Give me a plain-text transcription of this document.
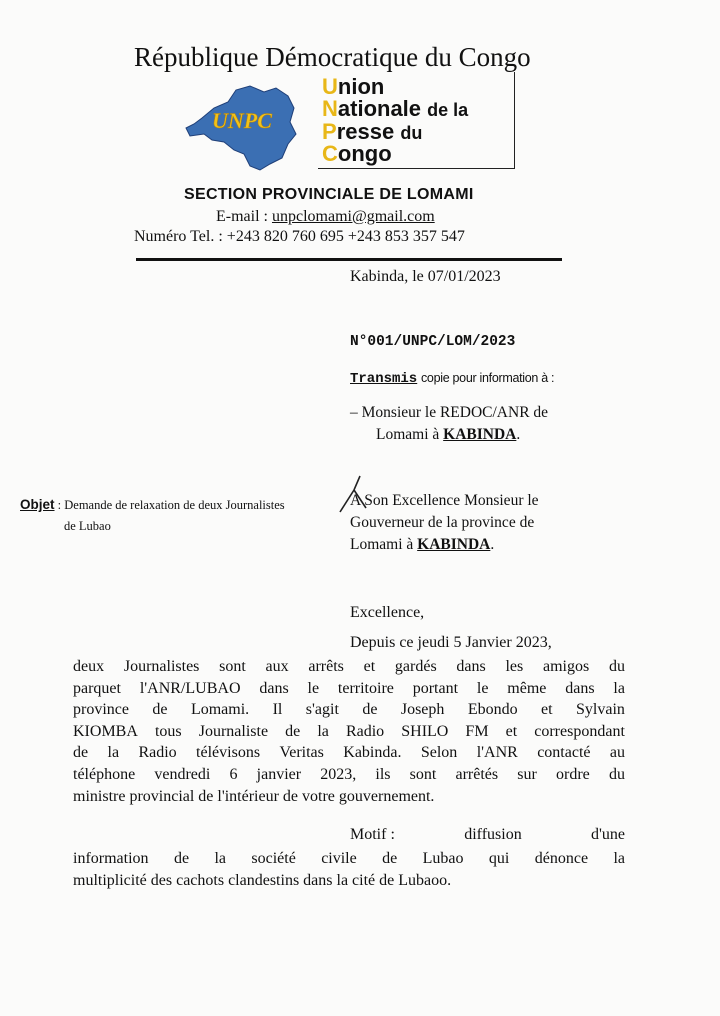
République Démocratique du Congo
UNPC
Union
Nationale de la
Presse du
Congo
SECTION PROVINCIALE DE LOMAMI
E-mail : unpclomami@gmail.com
Numéro Tel. : +243 820 760 695 +243 853 357 547
Kabinda, le 07/01/2023
N°001/UNPC/LOM/2023
Transmis copie pour information à :
– Monsieur le REDOC/ANR de
Lomami à KABINDA.
Objet : Demande de relaxation de deux Journalistes
de Lubao
A Son Excellence Monsieur le
Gouverneur de la province de
Lomami à KABINDA.
Excellence,
Depuis ce jeudi 5 Janvier 2023,
deux Journalistes sont aux arrêts et gardés dans les amigos du
parquet l'ANR/LUBAO dans le territoire portant le même dans la
province de Lomami. Il s'agit de Joseph Ebondo et Sylvain
KIOMBA tous Journaliste de la Radio SHILO FM et correspondant
de la Radio télévisons Veritas Kabinda. Selon l'ANR contacté au
téléphone vendredi 6 janvier 2023, ils sont arrêtés sur ordre du
ministre provincial de l'intérieur de votre gouvernement.
Motif :	diffusion	d'une
information de la société civile de Lubao qui dénonce la
multiplicité des cachots clandestins dans la cité de Lubaoo.
